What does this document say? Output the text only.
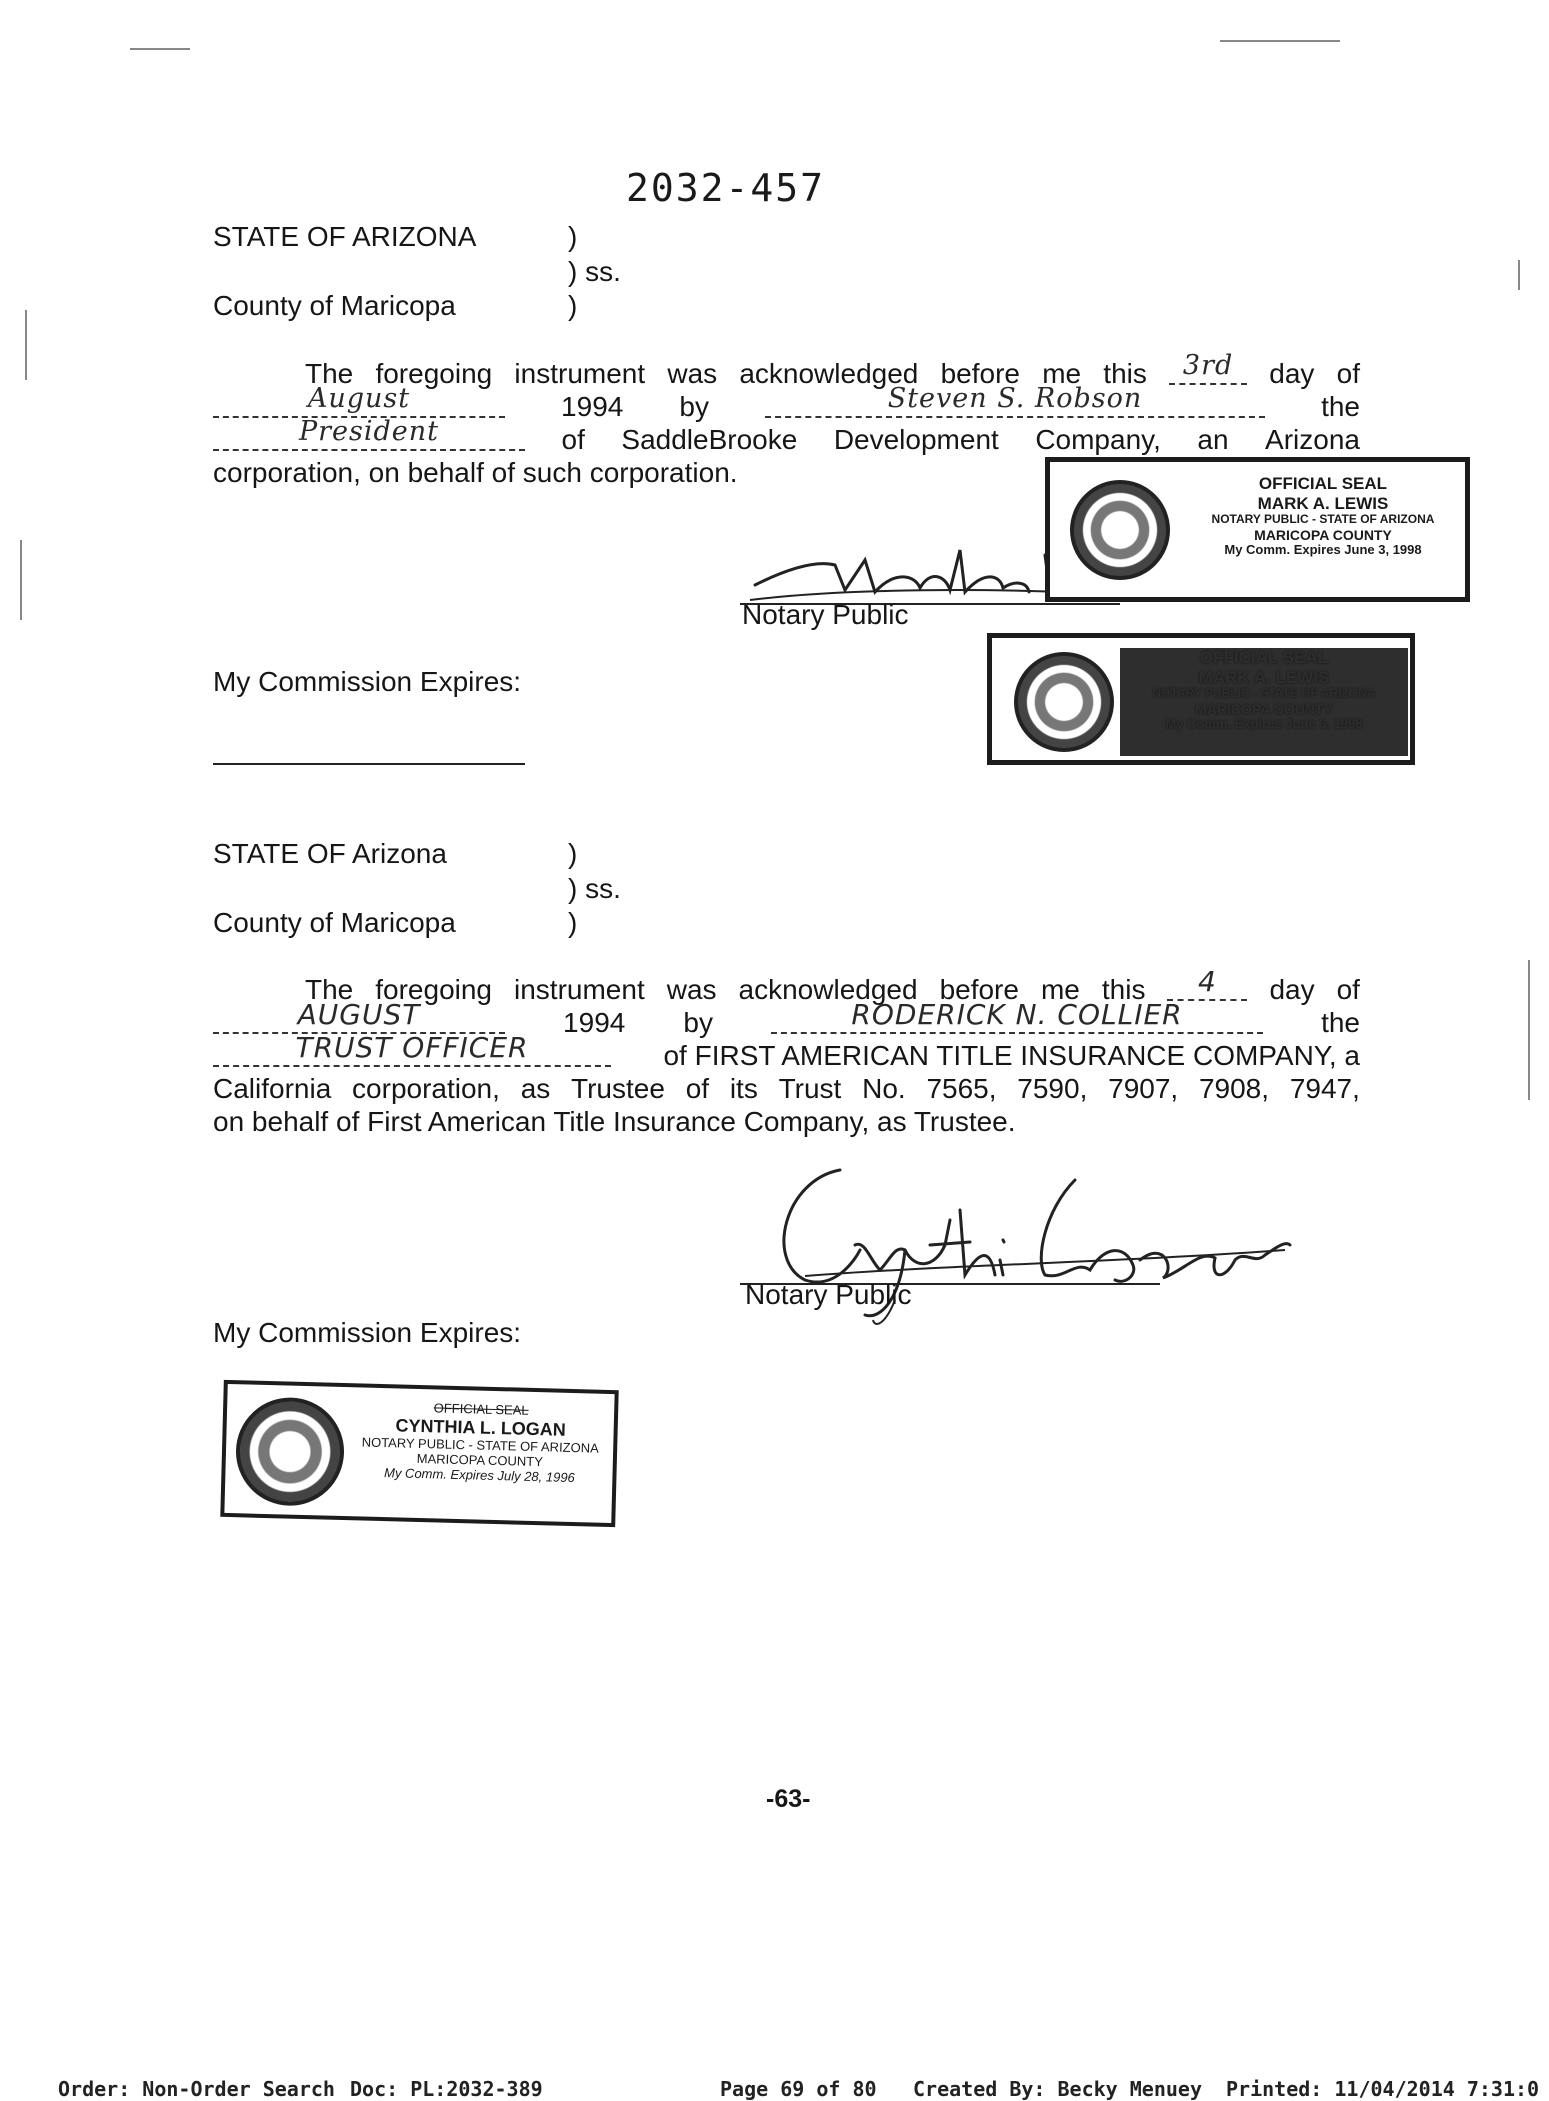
2032-457
STATE OF ARIZONA	)
) ss.
County of Maricopa	)
The foregoing instrument was acknowledged before me this	3rd	day of
August	1994 by	Steven S. Robson	the
President	of SaddleBrooke Development Company, an Arizona
corporation, on behalf of such corporation.
Notary Public
OFFICIAL SEAL
MARK A. LEWIS
NOTARY PUBLIC - STATE OF ARIZONA
MARICOPA COUNTY
My Comm. Expires June 3, 1998
OFFICIAL SEAL
MARK A. LEWIS
NOTARY PUBLIC - STATE OF ARIZONA
MARICOPA COUNTY
My Comm. Expires June 3, 1998
My Commission Expires:
STATE OF Arizona	)
) ss.
County of Maricopa	)
The foregoing instrument was acknowledged before me this	4	day of
AUGUST	1994 by	RODERICK N. COLLIER	the
TRUST OFFICER	of FIRST AMERICAN TITLE INSURANCE COMPANY, a
California corporation, as Trustee of its Trust No. 7565, 7590, 7907, 7908, 7947,
on behalf of First American Title Insurance Company, as Trustee.
Notary Public
My Commission Expires:
OFFICIAL SEAL
CYNTHIA L. LOGAN
NOTARY PUBLIC - STATE OF ARIZONA
MARICOPA COUNTY
My Comm. Expires July 28, 1996
-63-
Order: Non-Order Search Doc: PL:2032-389	Page 69 of 80 Created By: Becky Menuey Printed: 11/04/2014 7:31:0
